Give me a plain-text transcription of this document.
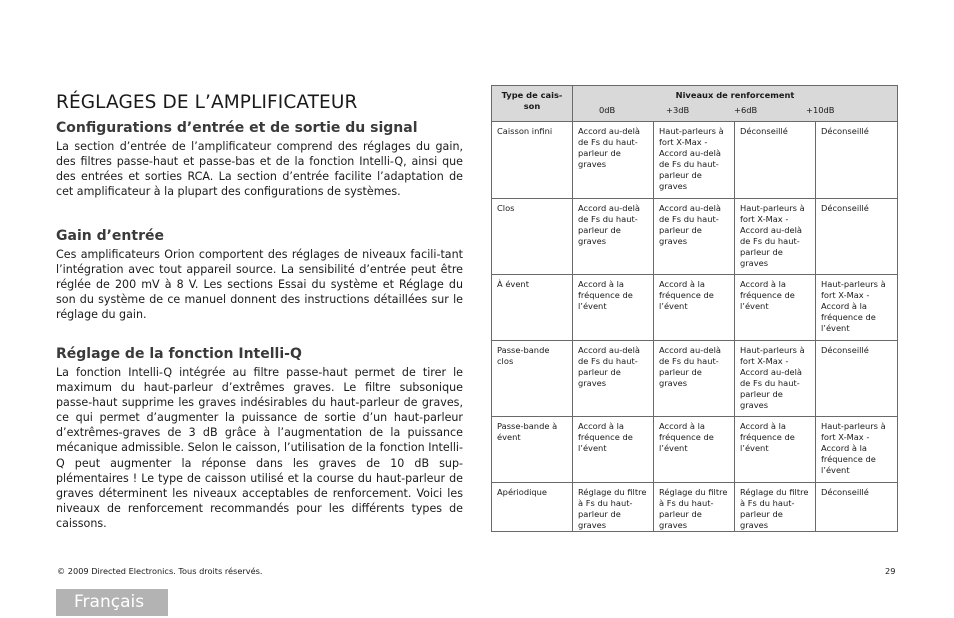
RÉGLAGES DE L’AMPLIFICATEUR
Configurations d’entrée et de sortie du signal

La section d’entrée de l’amplificateur comprend des réglages du gain, des filtres passe-haut et passe-bas et de la fonction Intelli-Q, ainsi que des entrées et sorties RCA. La section d’entrée facilite l’adaptation de cet amplificateur à la plupart des configurations de systèmes.

Gain d’entrée

Ces amplificateurs Orion comportent des réglages de niveaux facili-tant l’intégration avec tout appareil source. La sensibilité d’entrée peut être réglée de 200 mV à 8 V. Les sections Essai du système et Réglage du son du système de ce manuel donnent des instructions détaillées sur le réglage du gain.

Réglage de la fonction Intelli-Q

La fonction Intelli-Q intégrée au filtre passe-haut permet de tirer le maximum du haut-parleur d’extrêmes graves. Le filtre subsonique passe-haut supprime les graves indésirables du haut-parleur de graves, ce qui permet d’augmenter la puissance de sortie d’un haut-parleur d’extrêmes-graves de 3 dB grâce à l’augmentation de la puissance mécanique admissible. Selon le caisson, l’utilisation de la fonction Intelli-Q peut augmenter la réponse dans les graves de 10 dB sup-plémentaires ! Le type de caisson utilisé et la course du haut-parleur de graves déterminent les niveaux acceptables de renforcement. Voici les niveaux de renforcement recommandés pour les différents types de caissons.

Type de cais-son	Niveaux de renforcement
0dB +3dB +6dB +10dB			

Caisson infini	Accord au-delà de Fs du haut-parleur de graves	Haut-parleurs à fort X-Max - Accord au-delà de Fs du haut-parleur de graves	Déconseillé	Déconseillé
Clos	Accord au-delà de Fs du haut-parleur de graves	Accord au-delà de Fs du haut-parleur de graves	Haut-parleurs à fort X-Max - Accord au-delà de Fs du haut-parleur de graves	Déconseillé
À évent	Accord à la fréquence de l’évent	Accord à la fréquence de l’évent	Accord à la fréquence de l’évent	Haut-parleurs à fort X-Max - Accord à la fréquence de l’évent
Passe-bande clos	Accord au-delà de Fs du haut-parleur de graves	Accord au-delà de Fs du haut-parleur de graves	Haut-parleurs à fort X-Max - Accord au-delà de Fs du haut-parleur de graves	Déconseillé
Passe-bande à évent	Accord à la fréquence de l’évent	Accord à la fréquence de l’évent	Accord à la fréquence de l’évent	Haut-parleurs à fort X-Max - Accord à la fréquence de l’évent
Apériodique	Réglage du filtre à Fs du haut-parleur de graves	Réglage du filtre à Fs du haut-parleur de graves	Réglage du filtre à Fs du haut-parleur de graves	Déconseillé
© 2009 Directed Electronics. Tous droits réservés.	29
Français
